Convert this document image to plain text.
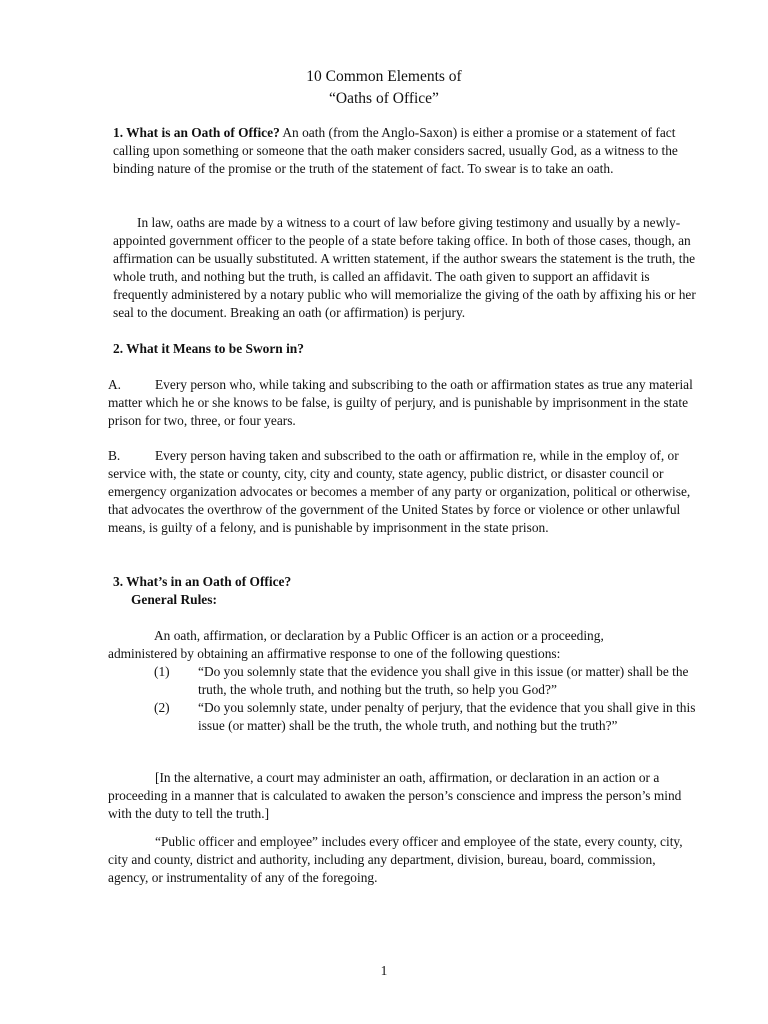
10 Common Elements of
“Oaths of Office”
1. What is an Oath of Office? An oath (from the Anglo-Saxon) is either a promise or a statement of fact calling upon something or someone that the oath maker considers sacred, usually God, as a witness to the binding nature of the promise or the truth of the statement of fact. To swear is to take an oath.
In law, oaths are made by a witness to a court of law before giving testimony and usually by a newly-appointed government officer to the people of a state before taking office. In both of those cases, though, an affirmation can be usually substituted. A written statement, if the author swears the statement is the truth, the whole truth, and nothing but the truth, is called an affidavit. The oath given to support an affidavit is frequently administered by a notary public who will memorialize the giving of the oath by affixing his or her seal to the document. Breaking an oath (or affirmation) is perjury.
2. What it Means to be Sworn in?
A.	Every person who, while taking and subscribing to the oath or affirmation states as true any material matter which he or she knows to be false, is guilty of perjury, and is punishable by imprisonment in the state prison for two, three, or four years.
B.	Every person having taken and subscribed to the oath or affirmation re, while in the employ of, or service with, the state or county, city, city and county, state agency, public district, or disaster council or emergency organization advocates or becomes a member of any party or organization, political or otherwise, that advocates the overthrow of the government of the United States by force or violence or other unlawful means, is guilty of a felony, and is punishable by imprisonment in the state prison.
3. What’s in an Oath of Office?
General Rules:
An oath, affirmation, or declaration by a Public Officer is an action or a proceeding,
administered by obtaining an affirmative response to one of the following questions:
(1) “Do you solemnly state that the evidence you shall give in this issue (or matter) shall be the truth, the whole truth, and nothing but the truth, so help you God?”
(2) “Do you solemnly state, under penalty of perjury, that the evidence that you shall give in this issue (or matter) shall be the truth, the whole truth, and nothing but the truth?”
[In the alternative, a court may administer an oath, affirmation, or declaration in an action or a proceeding in a manner that is calculated to awaken the person’s conscience and impress the person’s mind with the duty to tell the truth.]
“Public officer and employee” includes every officer and employee of the state, every county, city, city and county, district and authority, including any department, division, bureau, board, commission, agency, or instrumentality of any of the foregoing.
1
